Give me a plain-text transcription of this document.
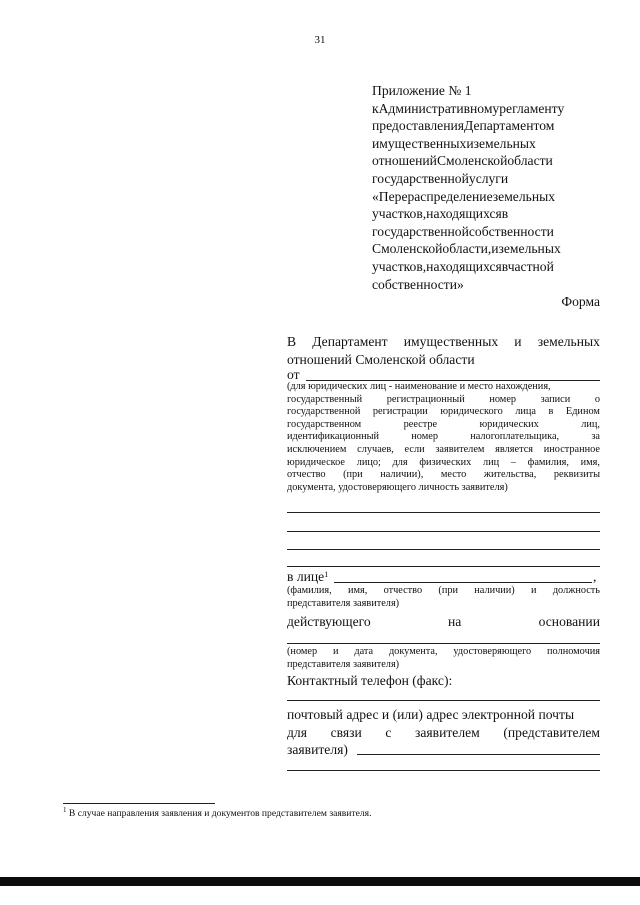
31
Приложение № 1
кАдминистративномурегламенту
предоставленияДепартаментом
имущественныхиземельных
отношенийСмоленскойобласти
государственнойуслуги
«Перераспределениеземельных
участков,находящихсяв
государственнойсобственности
Смоленскойобласти,иземельных
участков,находящихсявчастной
собственности»
Форма
В Департамент имущественных и земельных
отношений Смоленской области
от
(для юридических лиц - наименование и место нахождения,
государственный регистрационный номер записи о
государственной регистрации юридического лица в Едином
государственном	реестре	юридических	лиц,
идентификационный	номер	налогоплательщика,	за
исключением случаев, если заявителем является иностранное
юридическое лицо; для физических лиц – фамилия, имя,
отчество (при наличии), место жительства, реквизиты
документа, удостоверяющего личность заявителя)
в лице$^1$	,
(фамилия, имя, отчество (при наличии) и должность
представителя заявителя)
действующего	на	основании
(номер и дата документа, удостоверяющего полномочия
представителя заявителя)
Контактный телефон (факс):
почтовый адрес и (или) адрес электронной почты
для связи с заявителем (представителем
заявителя)
$^1$ В случае направления заявления и документов представителем заявителя.
